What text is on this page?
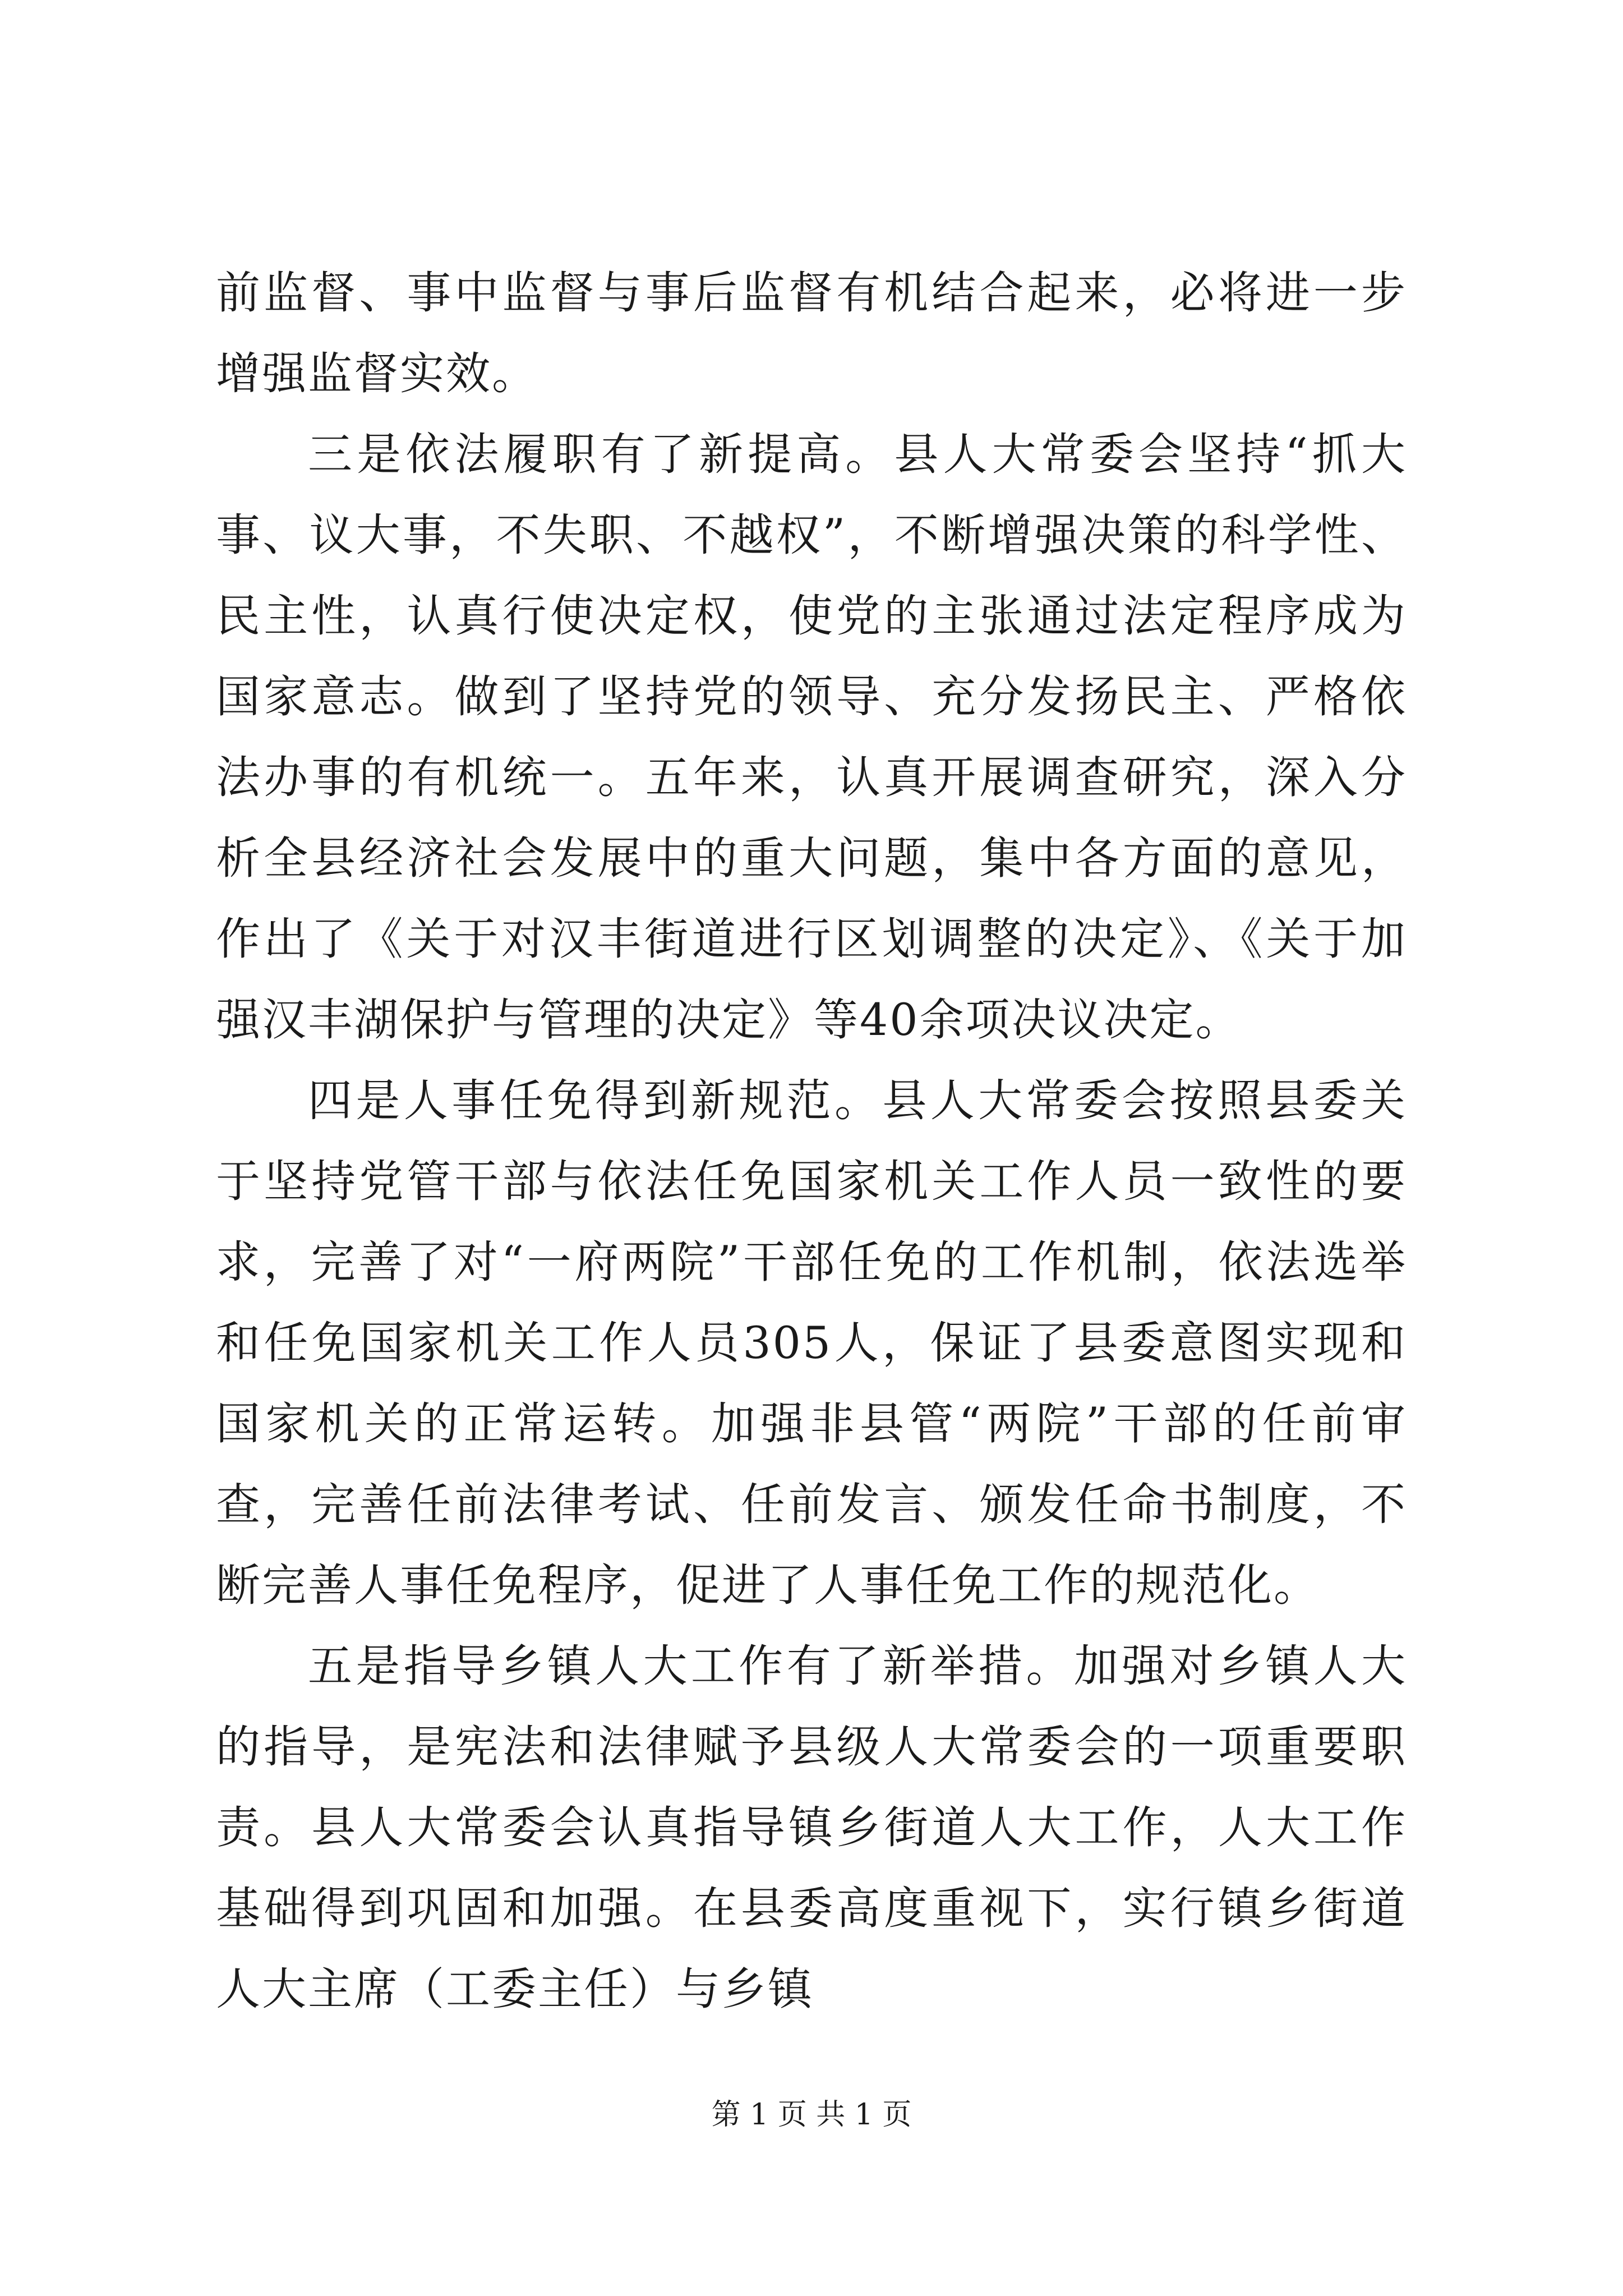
前监督、事中监督与事后监督有机结合起来，必将进一步增强监督实效。

三是依法履职有了新提高。县人大常委会坚持“抓大事、议大事，不失职、不越权”，不断增强决策的科学性、民主性，认真行使决定权，使党的主张通过法定程序成为国家意志。做到了坚持党的领导、充分发扬民主、严格依法办事的有机统一。五年来，认真开展调查研究，深入分析全县经济社会发展中的重大问题，集中各方面的意见，作出了《关于对汉丰街道进行区划调整的决定》、《关于加强汉丰湖保护与管理的决定》等40余项决议决定。

四是人事任免得到新规范。县人大常委会按照县委关于坚持党管干部与依法任免国家机关工作人员一致性的要求，完善了对“一府两院”干部任免的工作机制，依法选举和任免国家机关工作人员305人，保证了县委意图实现和国家机关的正常运转。加强非县管“两院”干部的任前审查，完善任前法律考试、任前发言、颁发任命书制度，不断完善人事任免程序，促进了人事任免工作的规范化。

五是指导乡镇人大工作有了新举措。加强对乡镇人大的指导，是宪法和法律赋予县级人大常委会的一项重要职责。县人大常委会认真指导镇乡街道人大工作，人大工作基础得到巩固和加强。在县委高度重视下，实行镇乡街道人大主席（工委主任）与乡镇

第 1 页 共 1 页
